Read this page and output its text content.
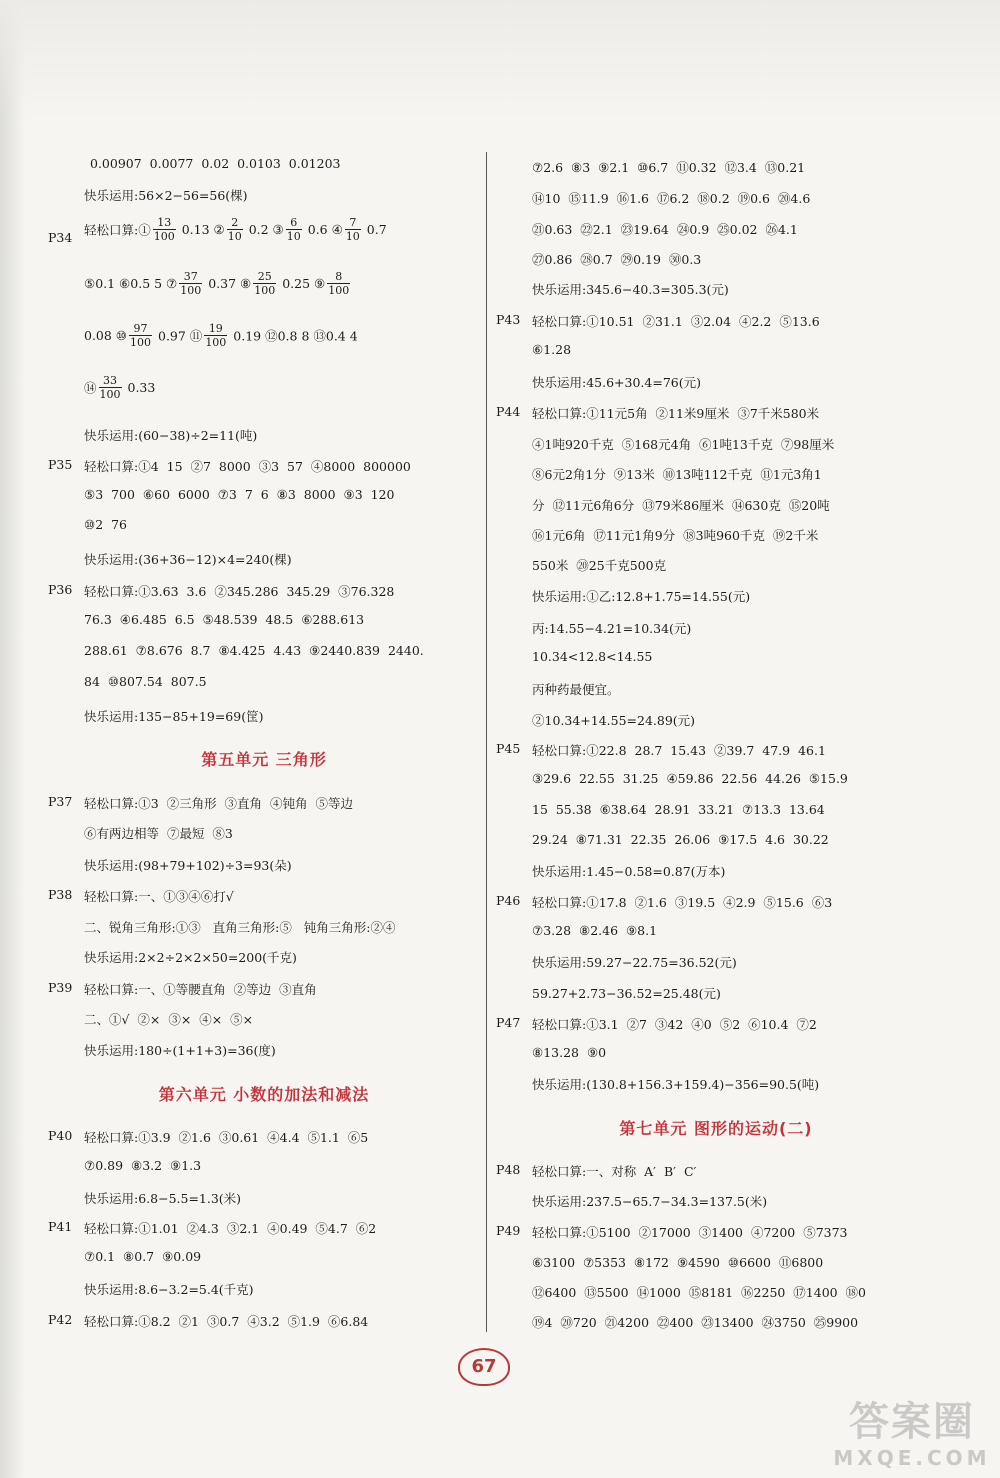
0.00907  0.0077  0.02  0.0103  0.01203
快乐运用:56×2−56=56(棵)
P34 轻松口算:① $\frac{13}{100} 0.13$ ② $\frac{2}{10} 0.2$ ③ $\frac{6}{10} 0.6$ ④ $\frac{7}{10} 0.7$
⑤0.1 ⑥0.5 5 ⑦ $\frac{37}{100} 0.37$ ⑧ $\frac{25}{100} 0.25$ ⑨ $\frac{8}{100}$
0.08 ⑩ $\frac{97}{100} 0.97$ ⑪ $\frac{19}{100} 0.19$ ⑫0.8 8 ⑬0.4 4
⑭ $\frac{33}{100} 0.33$
快乐运用:(60−38)÷2=11(吨)
P35 轻松口算:①4  15  ②7  8000  ③3  57  ④8000  800000
⑤3  700  ⑥60  6000  ⑦3  7  6  ⑧3  8000  ⑨3  120
⑩2  76
快乐运用:(36+36−12)×4=240(棵)
P36 轻松口算:①3.63  3.6  ②345.286  345.29  ③76.328
76.3  ④6.485  6.5  ⑤48.539  48.5  ⑥288.613
288.61  ⑦8.676  8.7  ⑧4.425  4.43  ⑨2440.839  2440.
84  ⑩807.54  807.5
快乐运用:135−85+19=69(筐)
第五单元 三角形
P37 轻松口算:①3  ②三角形  ③直角  ④钝角  ⑤等边
⑥有两边相等  ⑦最短  ⑧3
快乐运用:(98+79+102)÷3=93(朵)
P38 轻松口算:一、①③④⑥打√
二、锐角三角形:①③   直角三角形:⑤   钝角三角形:②④
快乐运用:2×2÷2×2×50=200(千克)
P39 轻松口算:一、①等腰直角  ②等边  ③直角
二、①√  ②×  ③×  ④×  ⑤×
快乐运用:180÷(1+1+3)=36(度)
第六单元 小数的加法和减法
P40 轻松口算:①3.9  ②1.6  ③0.61  ④4.4  ⑤1.1  ⑥5
⑦0.89  ⑧3.2  ⑨1.3
快乐运用:6.8−5.5=1.3(米)
P41 轻松口算:①1.01  ②4.3  ③2.1  ④0.49  ⑤4.7  ⑥2
⑦0.1  ⑧0.7  ⑨0.09
快乐运用:8.6−3.2=5.4(千克)
P42 轻松口算:①8.2  ②1  ③0.7  ④3.2  ⑤1.9  ⑥6.84
⑦2.6  ⑧3  ⑨2.1  ⑩6.7  ⑪0.32  ⑫3.4  ⑬0.21
⑭10  ⑮11.9  ⑯1.6  ⑰6.2  ⑱0.2  ⑲0.6  ⑳4.6
㉑0.63  ㉒2.1  ㉓19.64  ㉔0.9  ㉕0.02  ㉖4.1
㉗0.86  ㉘0.7  ㉙0.19  ㉚0.3
快乐运用:345.6−40.3=305.3(元)
P43 轻松口算:①10.51  ②31.1  ③2.04  ④2.2  ⑤13.6
⑥1.28
快乐运用:45.6+30.4=76(元)
P44 轻松口算:①11元5角  ②11米9厘米  ③7千米580米
④1吨920千克  ⑤168元4角  ⑥1吨13千克  ⑦98厘米
⑧6元2角1分  ⑨13米  ⑩13吨112千克  ⑪1元3角1
分  ⑫11元6角6分  ⑬79米86厘米  ⑭630克  ⑮20吨
⑯1元6角  ⑰11元1角9分  ⑱3吨960千克  ⑲2千米
550米  ⑳25千克500克
快乐运用:①乙:12.8+1.75=14.55(元)
丙:14.55−4.21=10.34(元)
10.34<12.8<14.55
丙种药最便宜。
②10.34+14.55=24.89(元)
P45 轻松口算:①22.8  28.7  15.43  ②39.7  47.9  46.1
③29.6  22.55  31.25  ④59.86  22.56  44.26  ⑤15.9
15  55.38  ⑥38.64  28.91  33.21  ⑦13.3  13.64
29.24  ⑧71.31  22.35  26.06  ⑨17.5  4.6  30.22
快乐运用:1.45−0.58=0.87(万本)
P46 轻松口算:①17.8  ②1.6  ③19.5  ④2.9  ⑤15.6  ⑥3
⑦3.28  ⑧2.46  ⑨8.1
快乐运用:59.27−22.75=36.52(元)
59.27+2.73−36.52=25.48(元)
P47 轻松口算:①3.1  ②7  ③42  ④0  ⑤2  ⑥10.4  ⑦2
⑧13.28  ⑨0
快乐运用:(130.8+156.3+159.4)−356=90.5(吨)
第七单元 图形的运动(二)
P48 轻松口算:一、对称  A′  B′  C′
快乐运用:237.5−65.7−34.3=137.5(米)
P49 轻松口算:①5100  ②17000  ③1400  ④7200  ⑤7373
⑥3100  ⑦5353  ⑧172  ⑨4590  ⑩6600  ⑪6800
⑫6400  ⑬5500  ⑭1000  ⑮8181  ⑯2250  ⑰1400  ⑱0
⑲4  ⑳720  ㉑4200  ㉒400  ㉓13400  ㉔3750  ㉕9900
67
答案圈
MXQE.COM
